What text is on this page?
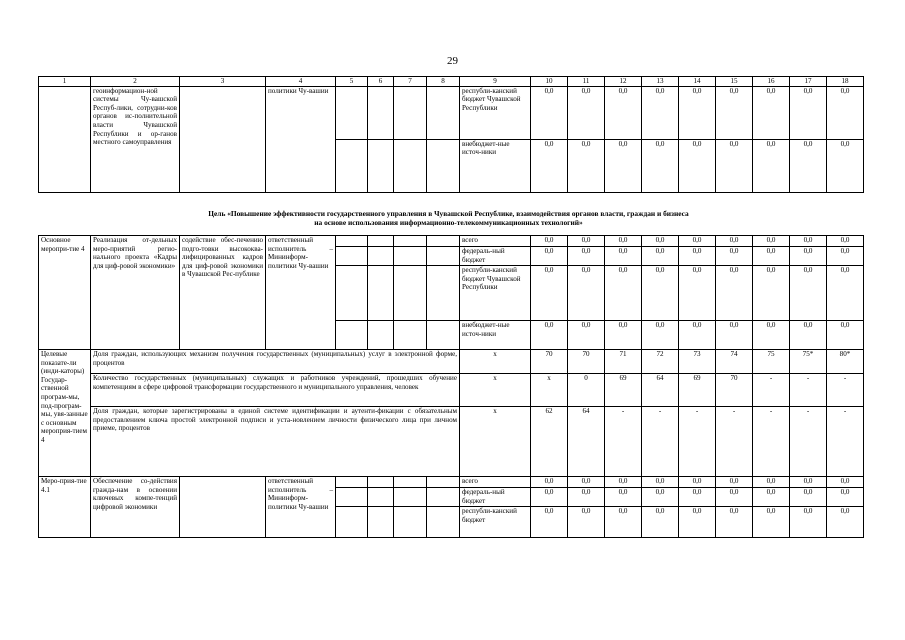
29
1	2	3	4	5	6	7	8	9	10	11	12	13	14	15	16	17	18
	геоинформацион-ной системы Чу-вашской Респуб-лики, сотрудни-ков органов ис-полнительной власти Чувашской Республики и ор-ганов местного самоуправления		политики Чу-вашии					республи-канский бюджет Чувашской Республики	0,0	0,0	0,0	0,0	0,0	0,0	0,0	0,0	0,0
								внебюджет-ные источ-ники	0,0	0,0	0,0	0,0	0,0	0,0	0,0	0,0	0,0
Цель «Повышение эффективности государственного управления в Чувашской Республике, взаимодействия органов власти, граждан и бизнеса
на основе использования информационно-телекоммуникационных технологий»
Основное меропри-тие 4	Реализация от-дельных меро-приятий регио-нального проекта «Кадры для циф-ровой экономики»	содействие обес-печению подго-товки высококва-лифицированных кадров для циф-ровой экономики в Чувашской Рес-публике	ответственный исполнитель – Мининформ-политики Чу-вашии					всего	0,0	0,0	0,0	0,0	0,0	0,0	0,0	0,0	0,0
								федераль-ный бюджет	0,0	0,0	0,0	0,0	0,0	0,0	0,0	0,0	0,0
								республи-канский бюджет Чувашской Республики	0,0	0,0	0,0	0,0	0,0	0,0	0,0	0,0	0,0
								внебюджет-ные источ-ники	0,0	0,0	0,0	0,0	0,0	0,0	0,0	0,0	0,0
Целевые показате-ли (инди-каторы) Государ-ственной програм-мы, под-програм-мы, увя-занные с основным мероприя-тием 4	Доля граждан, использующих механизм получения государственных (муниципальных) услуг в электронной форме, процентов							х	70	70	71	72	73	74	75	75*	80*
	Количество государственных (муниципальных) служащих и работников учреждений, прошедших обучение компетенциям в сфере цифровой трансформации государственного и муниципального управления, человек							х	х	0	69	64	69	70	-	-	-
	Доля граждан, которые зарегистрированы в единой системе идентификации и аутенти-фикации с обязательным предоставлением ключа простой электронной подписи и уста-новлением личности физического лица при личном приеме, процентов							х	62	64	-	-	-	-	-	-	-
Меро-прия-тие 4.1	Обеспечение со-действия гражда-нам в освоении ключевых компе-тенций цифровой экономики		ответственный исполнитель – Мининформ-политики Чу-вашии					всего	0,0	0,0	0,0	0,0	0,0	0,0	0,0	0,0	0,0
								федераль-ный бюджет	0,0	0,0	0,0	0,0	0,0	0,0	0,0	0,0	0,0
								республи-канский бюджет	0,0	0,0	0,0	0,0	0,0	0,0	0,0	0,0	0,0
